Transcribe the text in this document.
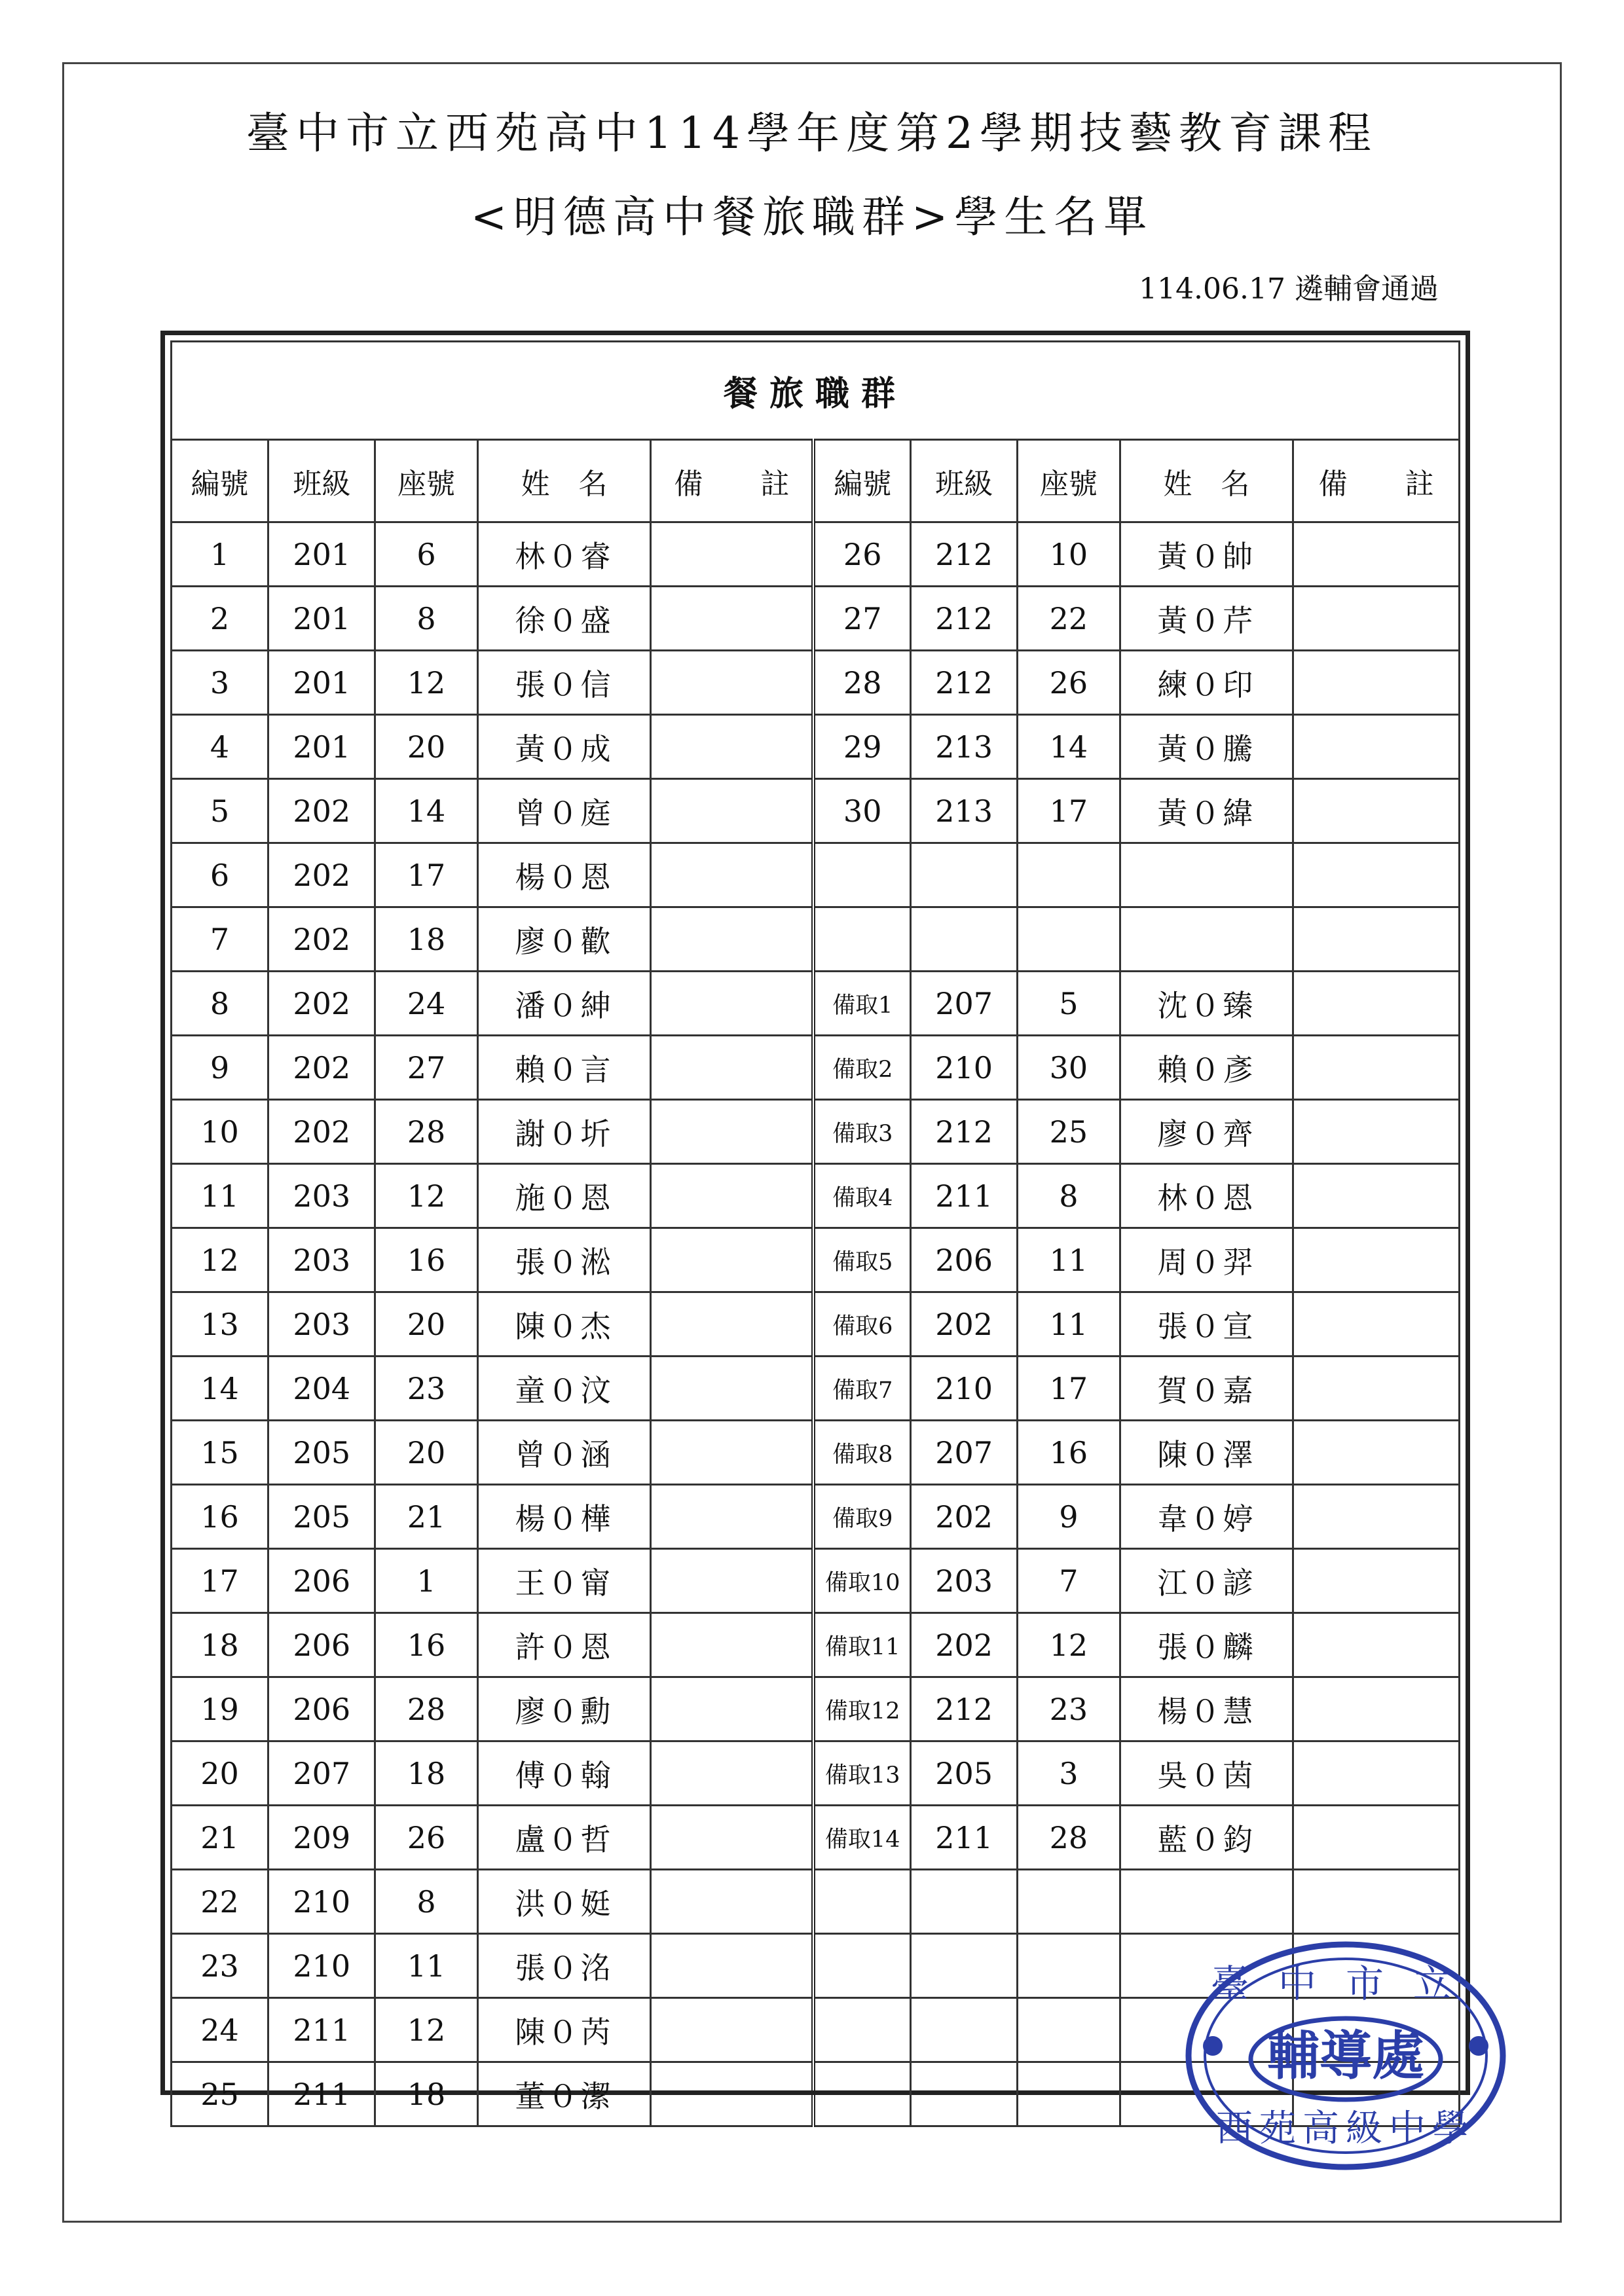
臺中市立西苑高中114學年度第2學期技藝教育課程
<明德高中餐旅職群>學生名單
114.06.17 遴輔會通過
餐旅職群									
編號	班級	座號	姓　名	備　　註	編號	班級	座號	姓　名	備　　註
1	201	6	林０睿		26	212	10	黃０帥	
2	201	8	徐０盛		27	212	22	黃０芹	
3	201	12	張０信		28	212	26	練０印	
4	201	20	黃０成		29	213	14	黃０騰	
5	202	14	曾０庭		30	213	17	黃０緯	
6	202	17	楊０恩						
7	202	18	廖０歡						
8	202	24	潘０紳		備取1	207	5	沈０臻	
9	202	27	賴０言		備取2	210	30	賴０彥	
10	202	28	謝０圻		備取3	212	25	廖０齊	
11	203	12	施０恩		備取4	211	8	林０恩	
12	203	16	張０淞		備取5	206	11	周０羿	
13	203	20	陳０杰		備取6	202	11	張０宣	
14	204	23	童０汶		備取7	210	17	賀０嘉	
15	205	20	曾０涵		備取8	207	16	陳０澤	
16	205	21	楊０樺		備取9	202	9	韋０婷	
17	206	1	王０甯		備取10	203	7	江０諺	
18	206	16	許０恩		備取11	202	12	張０麟	
19	206	28	廖０勳		備取12	212	23	楊０慧	
20	207	18	傅０翰		備取13	205	3	吳０茵	
21	209	26	盧０哲		備取14	211	28	藍０鈞	
22	210	8	洪０娗						
23	210	11	張０洺						
24	211	12	陳０芮						
25	211	18	董０潔						
臺中市立
輔導處
西苑高級中學
